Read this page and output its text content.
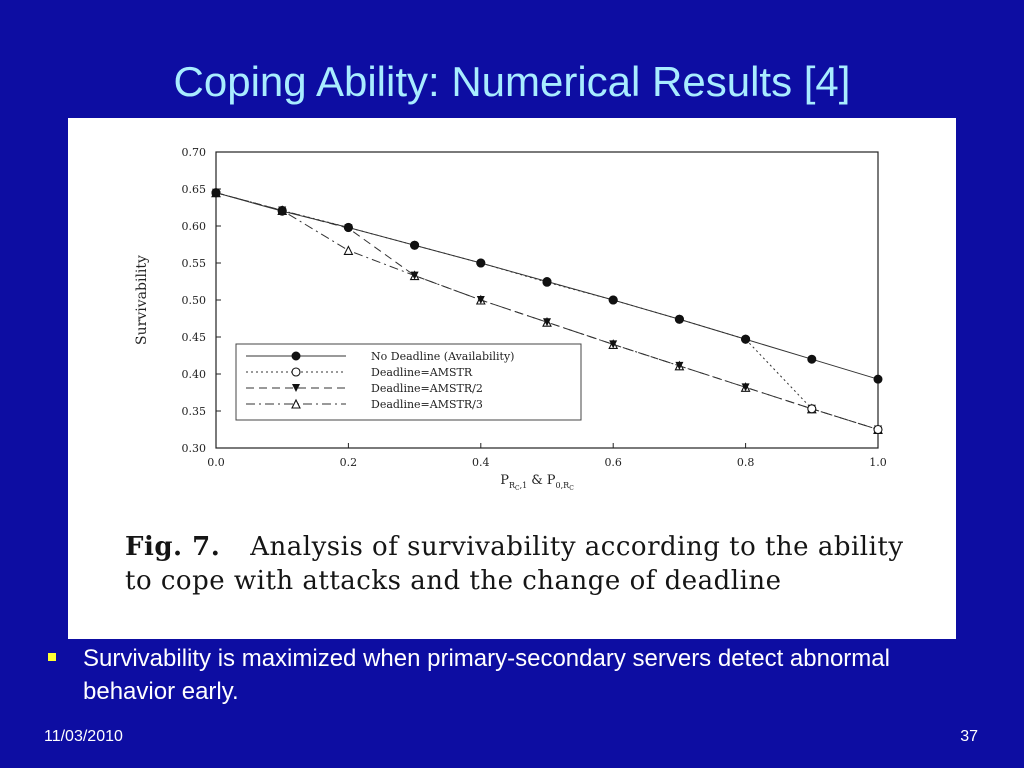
Coping Ability: Numerical Results [4]
0.0	0.2	0.4	0.6	0.8	1.0
0.30
0.35
0.40
0.45
0.50
0.55
0.60
0.65
0.70
No Deadline (Availability)
Deadline=AMSTR
Deadline=AMSTR/2
Deadline=AMSTR/3
Survivability
$P_RC,1$ & $P_{0,R}C$
Fig. 7. Analysis of survivability according to the ability to cope with attacks and the change of deadline
Survivability is maximized when primary-secondary servers detect abnormal behavior early.
11/03/2010	37
